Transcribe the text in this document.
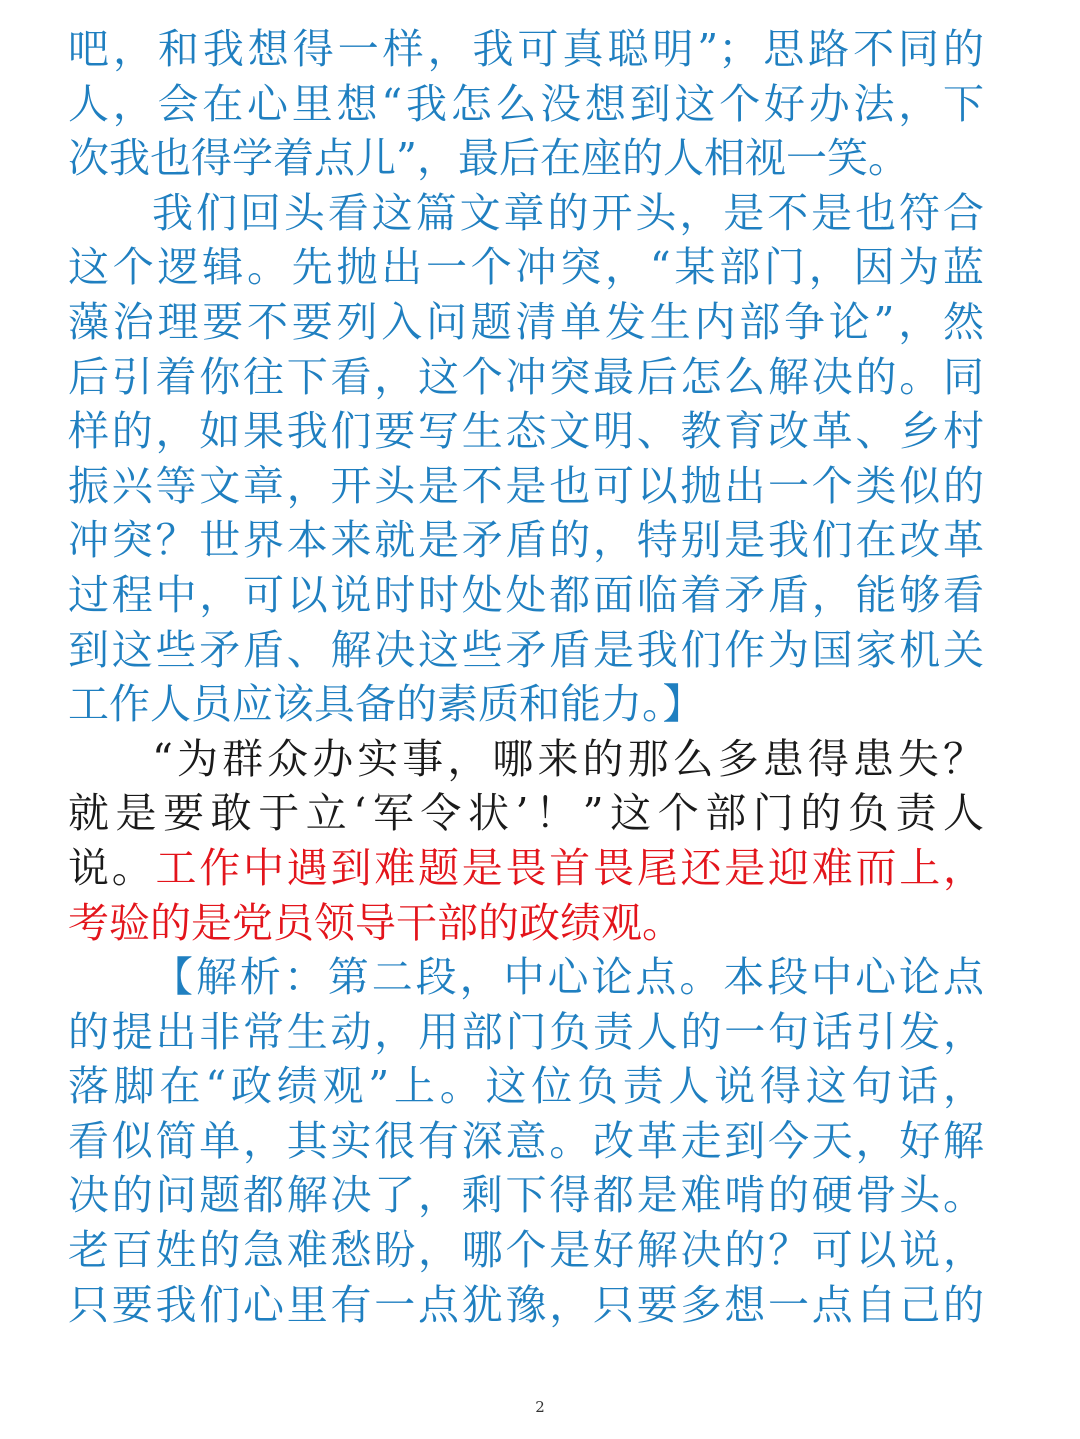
吧，和我想得一样，我可真聪明”；思路不同的
人，会在心里想“我怎么没想到这个好办法，下
次我也得学着点儿”，最后在座的人相视一笑。
我们回头看这篇文章的开头，是不是也符合
这个逻辑。先抛出一个冲突，“某部门，因为蓝
藻治理要不要列入问题清单发生内部争论”，然
后引着你往下看，这个冲突最后怎么解决的。同
样的，如果我们要写生态文明、教育改革、乡村
振兴等文章，开头是不是也可以抛出一个类似的
冲突？世界本来就是矛盾的，特别是我们在改革
过程中，可以说时时处处都面临着矛盾，能够看
到这些矛盾、解决这些矛盾是我们作为国家机关
工作人员应该具备的素质和能力。】
“为群众办实事，哪来的那么多患得患失？
就是要敢于立‘军令状’！”这个部门的负责人
说。工作中遇到难题是畏首畏尾还是迎难而上，
考验的是党员领导干部的政绩观。
【解析：第二段，中心论点。本段中心论点
的提出非常生动，用部门负责人的一句话引发，
落脚在“政绩观”上。这位负责人说得这句话，
看似简单，其实很有深意。改革走到今天，好解
决的问题都解决了，剩下得都是难啃的硬骨头。
老百姓的急难愁盼，哪个是好解决的？可以说，
只要我们心里有一点犹豫，只要多想一点自己的
2
